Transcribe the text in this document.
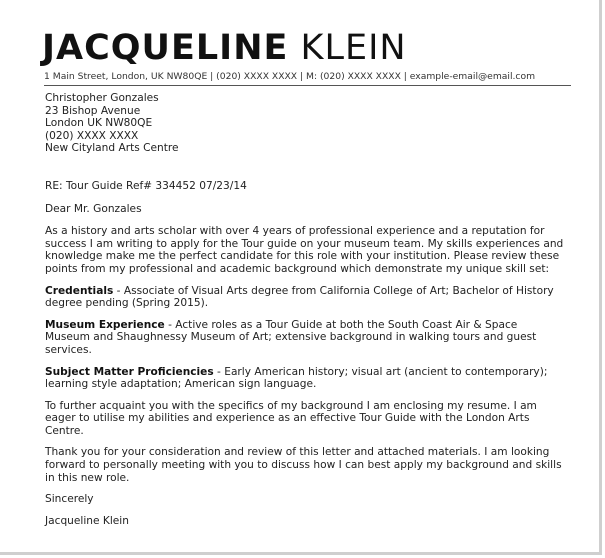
JACQUELINE KLEIN
1 Main Street, London, UK NW80QE | (020) XXXX XXXX | M: (020) XXXX XXXX | example-email@email.com

Christopher Gonzales

23 Bishop Avenue

London UK NW80QE

(020) XXXX XXXX

New Cityland Arts Centre

RE: Tour Guide Ref# 334452 07/23/14

Dear Mr. Gonzales

As a history and arts scholar with over 4 years of professional experience and a reputation for success I am writing to apply for the Tour guide on your museum team. My skills experiences and knowledge make me the perfect candidate for this role with your institution. Please review these points from my professional and academic background which demonstrate my unique skill set:

Credentials - Associate of Visual Arts degree from California College of Art; Bachelor of History degree pending (Spring 2015).

Museum Experience - Active roles as a Tour Guide at both the South Coast Air & Space Museum and Shaughnessy Museum of Art; extensive background in walking tours and guest services.

Subject Matter Proficiencies - Early American history; visual art (ancient to contemporary); learning style adaptation; American sign language.

To further acquaint you with the specifics of my background I am enclosing my resume. I am eager to utilise my abilities and experience as an effective Tour Guide with the London Arts Centre.

Thank you for your consideration and review of this letter and attached materials. I am looking forward to personally meeting with you to discuss how I can best apply my background and skills in this new role.

Sincerely

Jacqueline Klein
